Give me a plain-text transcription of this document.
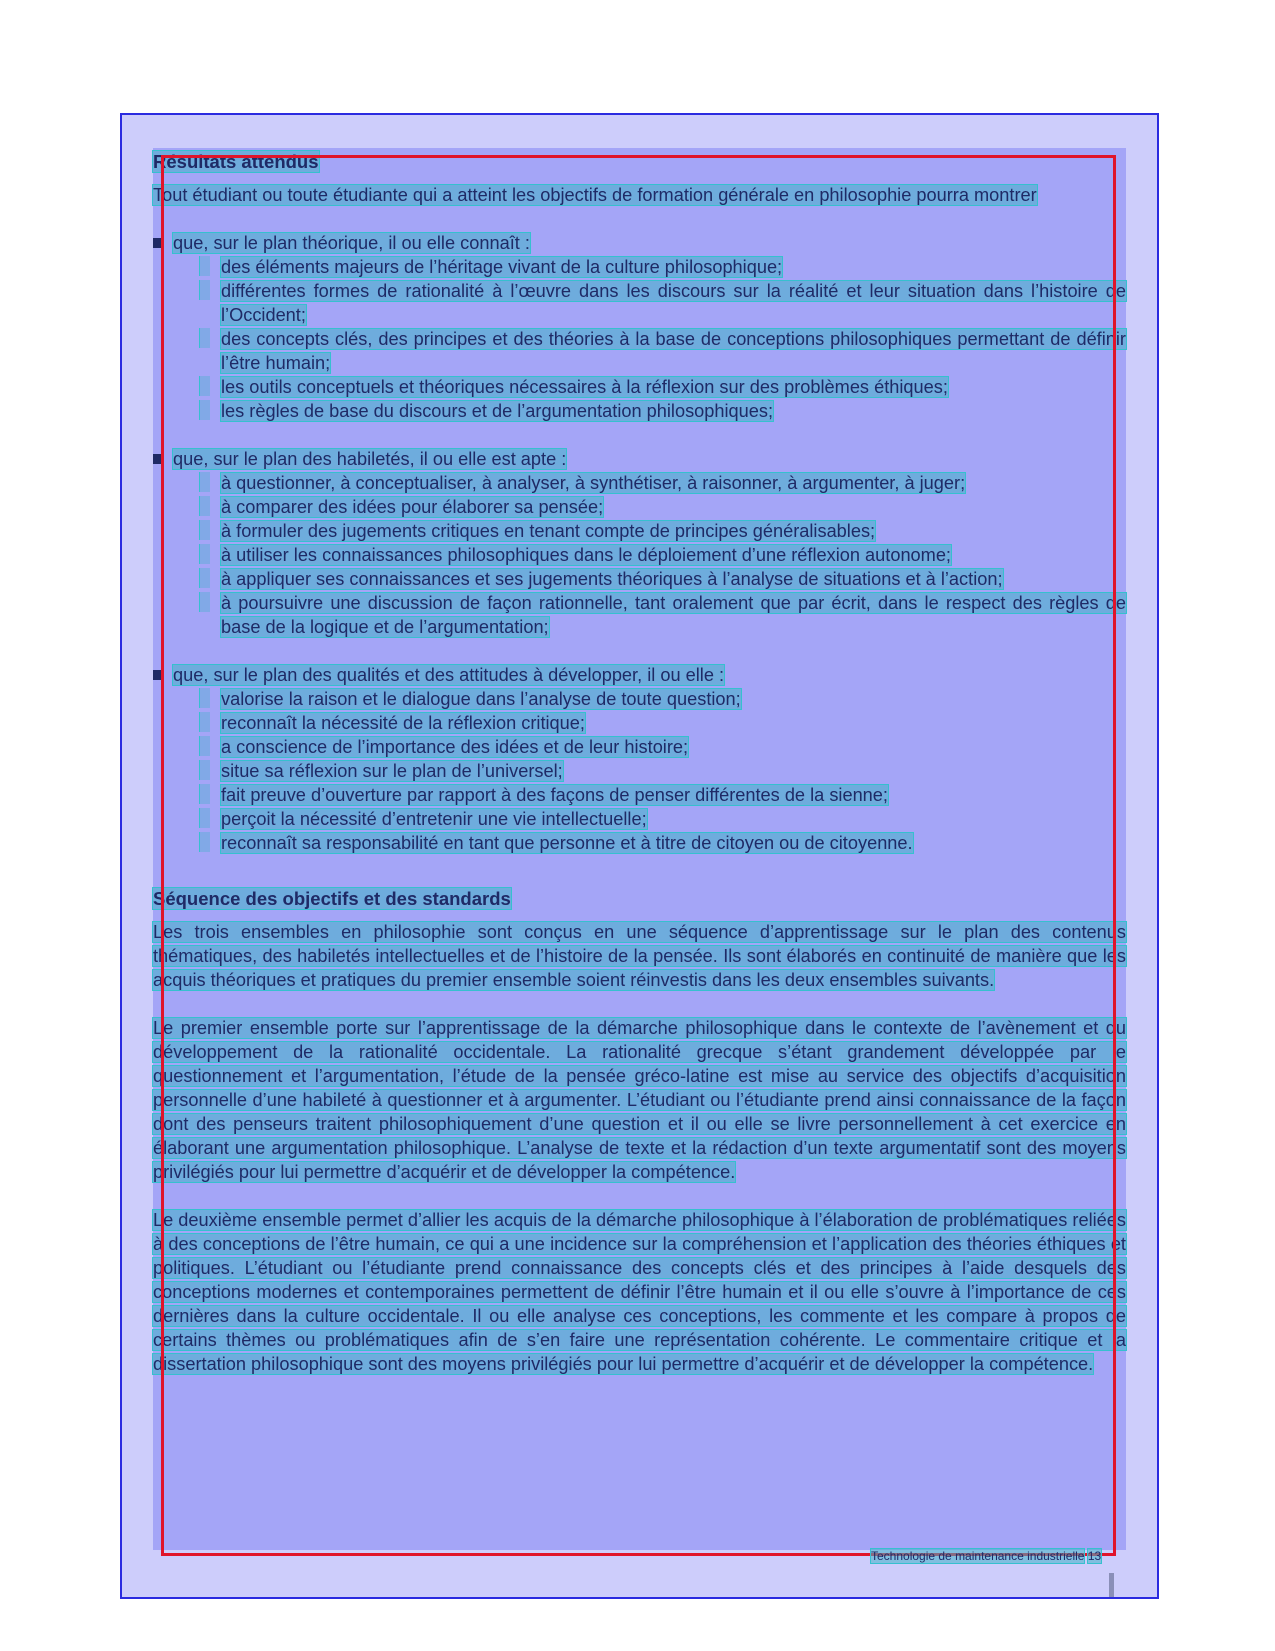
Résultats attendus

Tout étudiant ou toute étudiante qui a atteint les objectifs de formation générale en philosophie pourra montrer

que, sur le plan théorique, il ou elle connaît :
des éléments majeurs de l’héritage vivant de la culture philosophique;
différentes formes de rationalité à l’œuvre dans les discours sur la réalité et leur situation dans l’histoire de l’Occident;
des concepts clés, des principes et des théories à la base de conceptions philosophiques permettant de définir l’être humain;
les outils conceptuels et théoriques nécessaires à la réflexion sur des problèmes éthiques;
les règles de base du discours et de l’argumentation philosophiques;
que, sur le plan des habiletés, il ou elle est apte :
à questionner, à conceptualiser, à analyser, à synthétiser, à raisonner, à argumenter, à juger;
à comparer des idées pour élaborer sa pensée;
à formuler des jugements critiques en tenant compte de principes généralisables;
à utiliser les connaissances philosophiques dans le déploiement d’une réflexion autonome;
à appliquer ses connaissances et ses jugements théoriques à l’analyse de situations et à l’action;
à poursuivre une discussion de façon rationnelle, tant oralement que par écrit, dans le respect des règles de base de la logique et de l’argumentation;
que, sur le plan des qualités et des attitudes à développer, il ou elle :
valorise la raison et le dialogue dans l’analyse de toute question;
reconnaît la nécessité de la réflexion critique;
a conscience de l’importance des idées et de leur histoire;
situe sa réflexion sur le plan de l’universel;
fait preuve d’ouverture par rapport à des façons de penser différentes de la sienne;
perçoit la nécessité d’entretenir une vie intellectuelle;
reconnaît sa responsabilité en tant que personne et à titre de citoyen ou de citoyenne.
Séquence des objectifs et des standards

Les trois ensembles en philosophie sont conçus en une séquence d’apprentissage sur le plan des contenus thématiques, des habiletés intellectuelles et de l’histoire de la pensée. Ils sont élaborés en continuité de manière que les acquis théoriques et pratiques du premier ensemble soient réinvestis dans les deux ensembles suivants.

Le premier ensemble porte sur l’apprentissage de la démarche philosophique dans le contexte de l’avènement et du développement de la rationalité occidentale. La rationalité grecque s’étant grandement développée par le questionnement et l’argumentation, l’étude de la pensée gréco-latine est mise au service des objectifs d’acquisition personnelle d’une habileté à questionner et à argumenter. L’étudiant ou l’étudiante prend ainsi connaissance de la façon dont des penseurs traitent philosophiquement d’une question et il ou elle se livre personnellement à cet exercice en élaborant une argumentation philosophique. L’analyse de texte et la rédaction d’un texte argumentatif sont des moyens privilégiés pour lui permettre d’acquérir et de développer la compétence.

Le deuxième ensemble permet d’allier les acquis de la démarche philosophique à l’élaboration de problématiques reliées à des conceptions de l’être humain, ce qui a une incidence sur la compréhension et l’application des théories éthiques et politiques. L’étudiant ou l’étudiante prend connaissance des concepts clés et des principes à l’aide desquels des conceptions modernes et contemporaines permettent de définir l’être humain et il ou elle s’ouvre à l’importance de ces dernières dans la culture occidentale. Il ou elle analyse ces conceptions, les commente et les compare à propos de certains thèmes ou problématiques afin de s’en faire une représentation cohérente. Le commentaire critique et la dissertation philosophique sont des moyens privilégiés pour lui permettre d’acquérir et de développer la compétence.

Technologie de maintenance industrielle 13
